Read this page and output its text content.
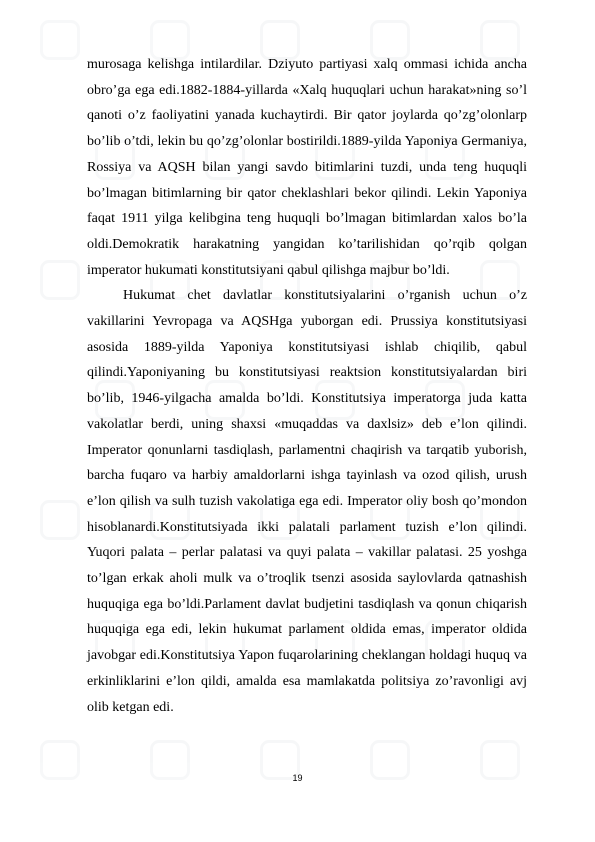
murosaga kelishga intilardilar. Dziyuto partiyasi xalq ommasi ichida ancha obro’ga ega edi.1882-1884-yillarda «Xalq huquqlari uchun harakat»ning so’l qanoti o’z faoliyatini yanada kuchaytirdi. Bir qator joylarda qo’zg’olonlarp bo’lib o’tdi, lekin bu qo’zg’olonlar bostirildi.1889-yilda Yaponiya Germaniya, Rossiya va AQSH bilan yangi savdo bitimlarini tuzdi, unda teng huquqli bo’lmagan bitimlarning bir qator cheklashlari bekor qilindi. Lekin Yaponiya faqat 1911 yilga kelibgina teng huquqli bo’lmagan bitimlardan xalos bo’la oldi.Demokratik harakatning yangidan ko’tarilishidan qo’rqib qolgan imperator hukumati konstitutsiyani qabul qilishga majbur bo’ldi.

Hukumat chet davlatlar konstitutsiyalarini o’rganish uchun o’z vakillarini Yevropaga va AQSHga yuborgan edi. Prussiya konstitutsiyasi asosida 1889-yilda Yaponiya konstitutsiyasi ishlab chiqilib, qabul qilindi.Yaponiyaning bu konstitutsiyasi reaktsion konstitutsiyalardan biri bo’lib, 1946-yilgacha amalda bo’ldi. Konstitutsiya imperatorga juda katta vakolatlar berdi, uning shaxsi «muqaddas va daxlsiz» deb e’lon qilindi. Imperator qonunlarni tasdiqlash, parlamentni chaqirish va tarqatib yuborish, barcha fuqaro va harbiy amaldorlarni ishga tayinlash va ozod qilish, urush e’lon qilish va sulh tuzish vakolatiga ega edi. Imperator oliy bosh qo’mondon hisoblanardi.Konstitutsiyada ikki palatali parlament tuzish e’lon qilindi. Yuqori palata – perlar palatasi va quyi palata – vakillar palatasi. 25 yoshga to’lgan erkak aholi mulk va o’troqlik tsenzi asosida saylovlarda qatnashish huquqiga ega bo’ldi.Parlament davlat budjetini tasdiqlash va qonun chiqarish huquqiga ega edi, lekin hukumat parlament oldida emas, imperator oldida javobgar edi.Konstitutsiya Yapon fuqarolarining cheklangan holdagi huquq va erkinliklarini e’lon qildi, amalda esa mamlakatda politsiya zo’ravonligi avj olib ketgan edi.

19
